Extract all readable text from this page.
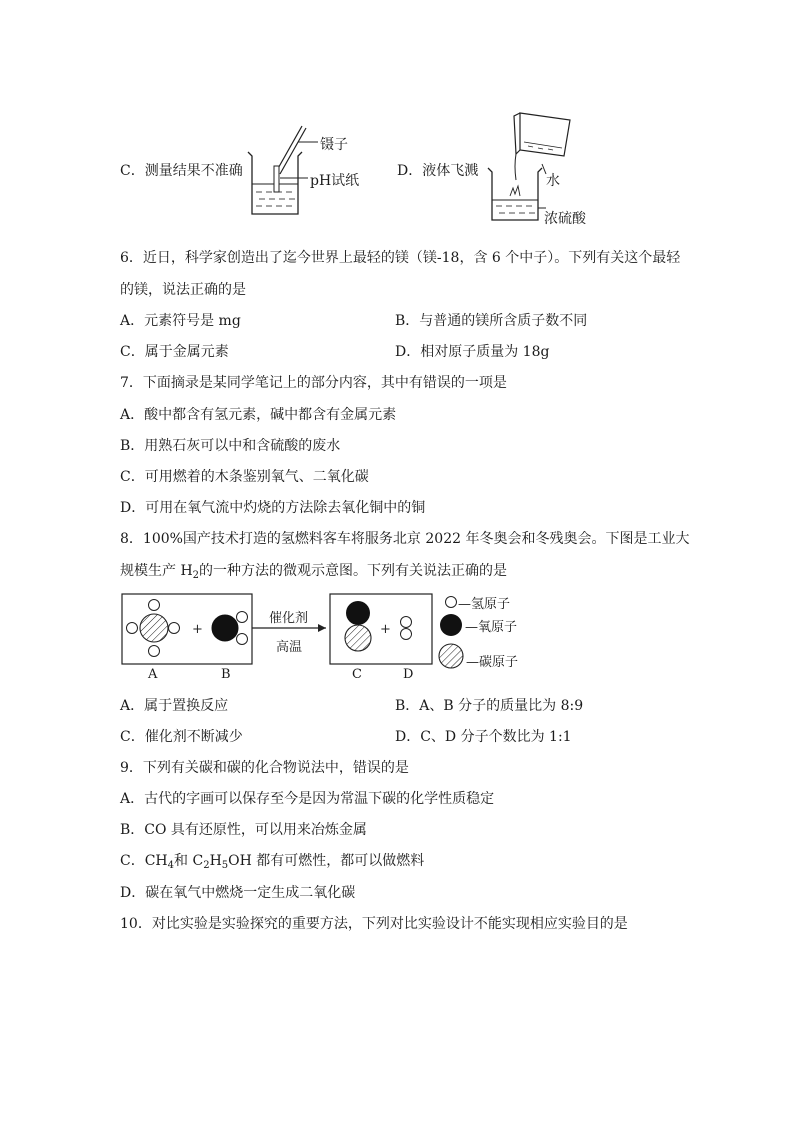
C．测量结果不准确
镊子
pH试纸
D．液体飞溅
水
浓硫酸
6．近日，科学家创造出了迄今世界上最轻的镁（镁-18，含 6 个中子）。下列有关这个最轻
的镁，说法正确的是
A．元素符号是 mg	B．与普通的镁所含质子数不同
C．属于金属元素	D．相对原子质量为 18g
7．下面摘录是某同学笔记上的部分内容，其中有错误的一项是
A．酸中都含有氢元素，碱中都含有金属元素
B．用熟石灰可以中和含硫酸的废水
C．可用燃着的木条鉴别氧气、二氧化碳
D．可用在氧气流中灼烧的方法除去氧化铜中的铜
8．100%国产技术打造的氢燃料客车将服务北京 2022 年冬奥会和冬残奥会。下图是工业大
规模生产 $H_2$的一种方法的微观示意图。下列有关说法正确的是
+	+
催化剂
高温
—氢原子
—氧原子
—碳原子
A	B	C	D
A．属于置换反应	B．A、B 分子的质量比为 8:9
C．催化剂不断减少	D．C、D 分子个数比为 1:1
9．下列有关碳和碳的化合物说法中，错误的是
A．古代的字画可以保存至今是因为常温下碳的化学性质稳定
B．CO 具有还原性，可以用来冶炼金属
C．$CH_4$和 $C_2H_5OH$ 都有可燃性，都可以做燃料
D．碳在氧气中燃烧一定生成二氧化碳
10．对比实验是实验探究的重要方法，下列对比实验设计不能实现相应实验目的是
